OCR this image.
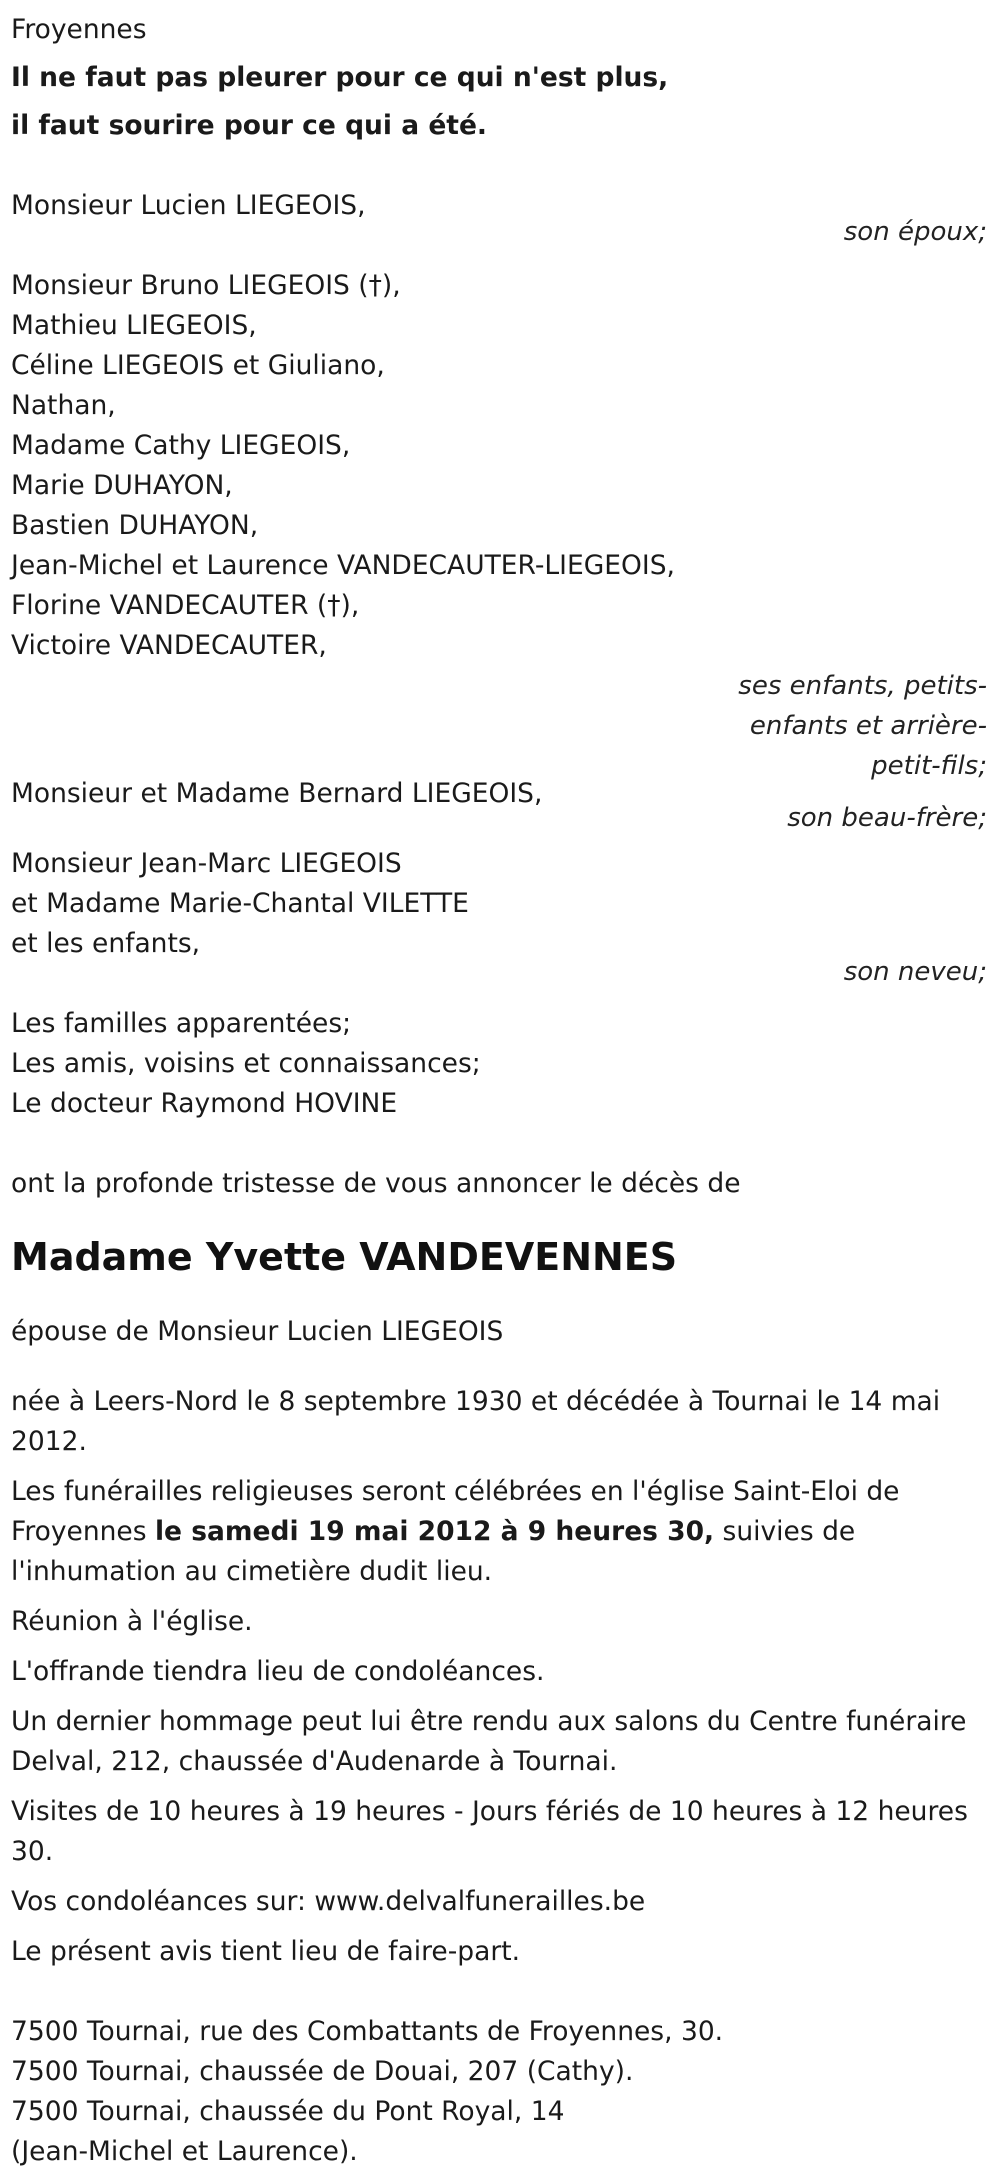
Froyennes
Il ne faut pas pleurer pour ce qui n'est plus,
il faut sourire pour ce qui a été.
Monsieur Lucien LIEGEOIS,
son époux;
Monsieur Bruno LIEGEOIS (†),
Mathieu LIEGEOIS,
Céline LIEGEOIS et Giuliano,
Nathan,
Madame Cathy LIEGEOIS,
Marie DUHAYON,
Bastien DUHAYON,
Jean-Michel et Laurence VANDECAUTER-LIEGEOIS,
Florine VANDECAUTER (†),
Victoire VANDECAUTER,
ses enfants, petits-
enfants et arrière-
petit-fils;
Monsieur et Madame Bernard LIEGEOIS,
son beau-frère;
Monsieur Jean-Marc LIEGEOIS
et Madame Marie-Chantal VILETTE
et les enfants,
son neveu;
Les familles apparentées;
Les amis, voisins et connaissances;
Le docteur Raymond HOVINE
ont la profonde tristesse de vous annoncer le décès de
Madame Yvette VANDEVENNES
épouse de Monsieur Lucien LIEGEOIS
née à Leers-Nord le 8 septembre 1930 et décédée à Tournai le 14 mai 2012.
Les funérailles religieuses seront célébrées en l'église Saint-Eloi de Froyennes le samedi 19 mai 2012 à 9 heures 30, suivies de l'inhumation au cimetière dudit lieu.
Réunion à l'église.
L'offrande tiendra lieu de condoléances.
Un dernier hommage peut lui être rendu aux salons du Centre funéraire Delval, 212, chaussée d'Audenarde à Tournai.
Visites de 10 heures à 19 heures - Jours fériés de 10 heures à 12 heures 30.
Vos condoléances sur: www.delvalfunerailles.be
Le présent avis tient lieu de faire-part.
7500 Tournai, rue des Combattants de Froyennes, 30.
7500 Tournai, chaussée de Douai, 207 (Cathy).
7500 Tournai, chaussée du Pont Royal, 14
(Jean-Michel et Laurence).
